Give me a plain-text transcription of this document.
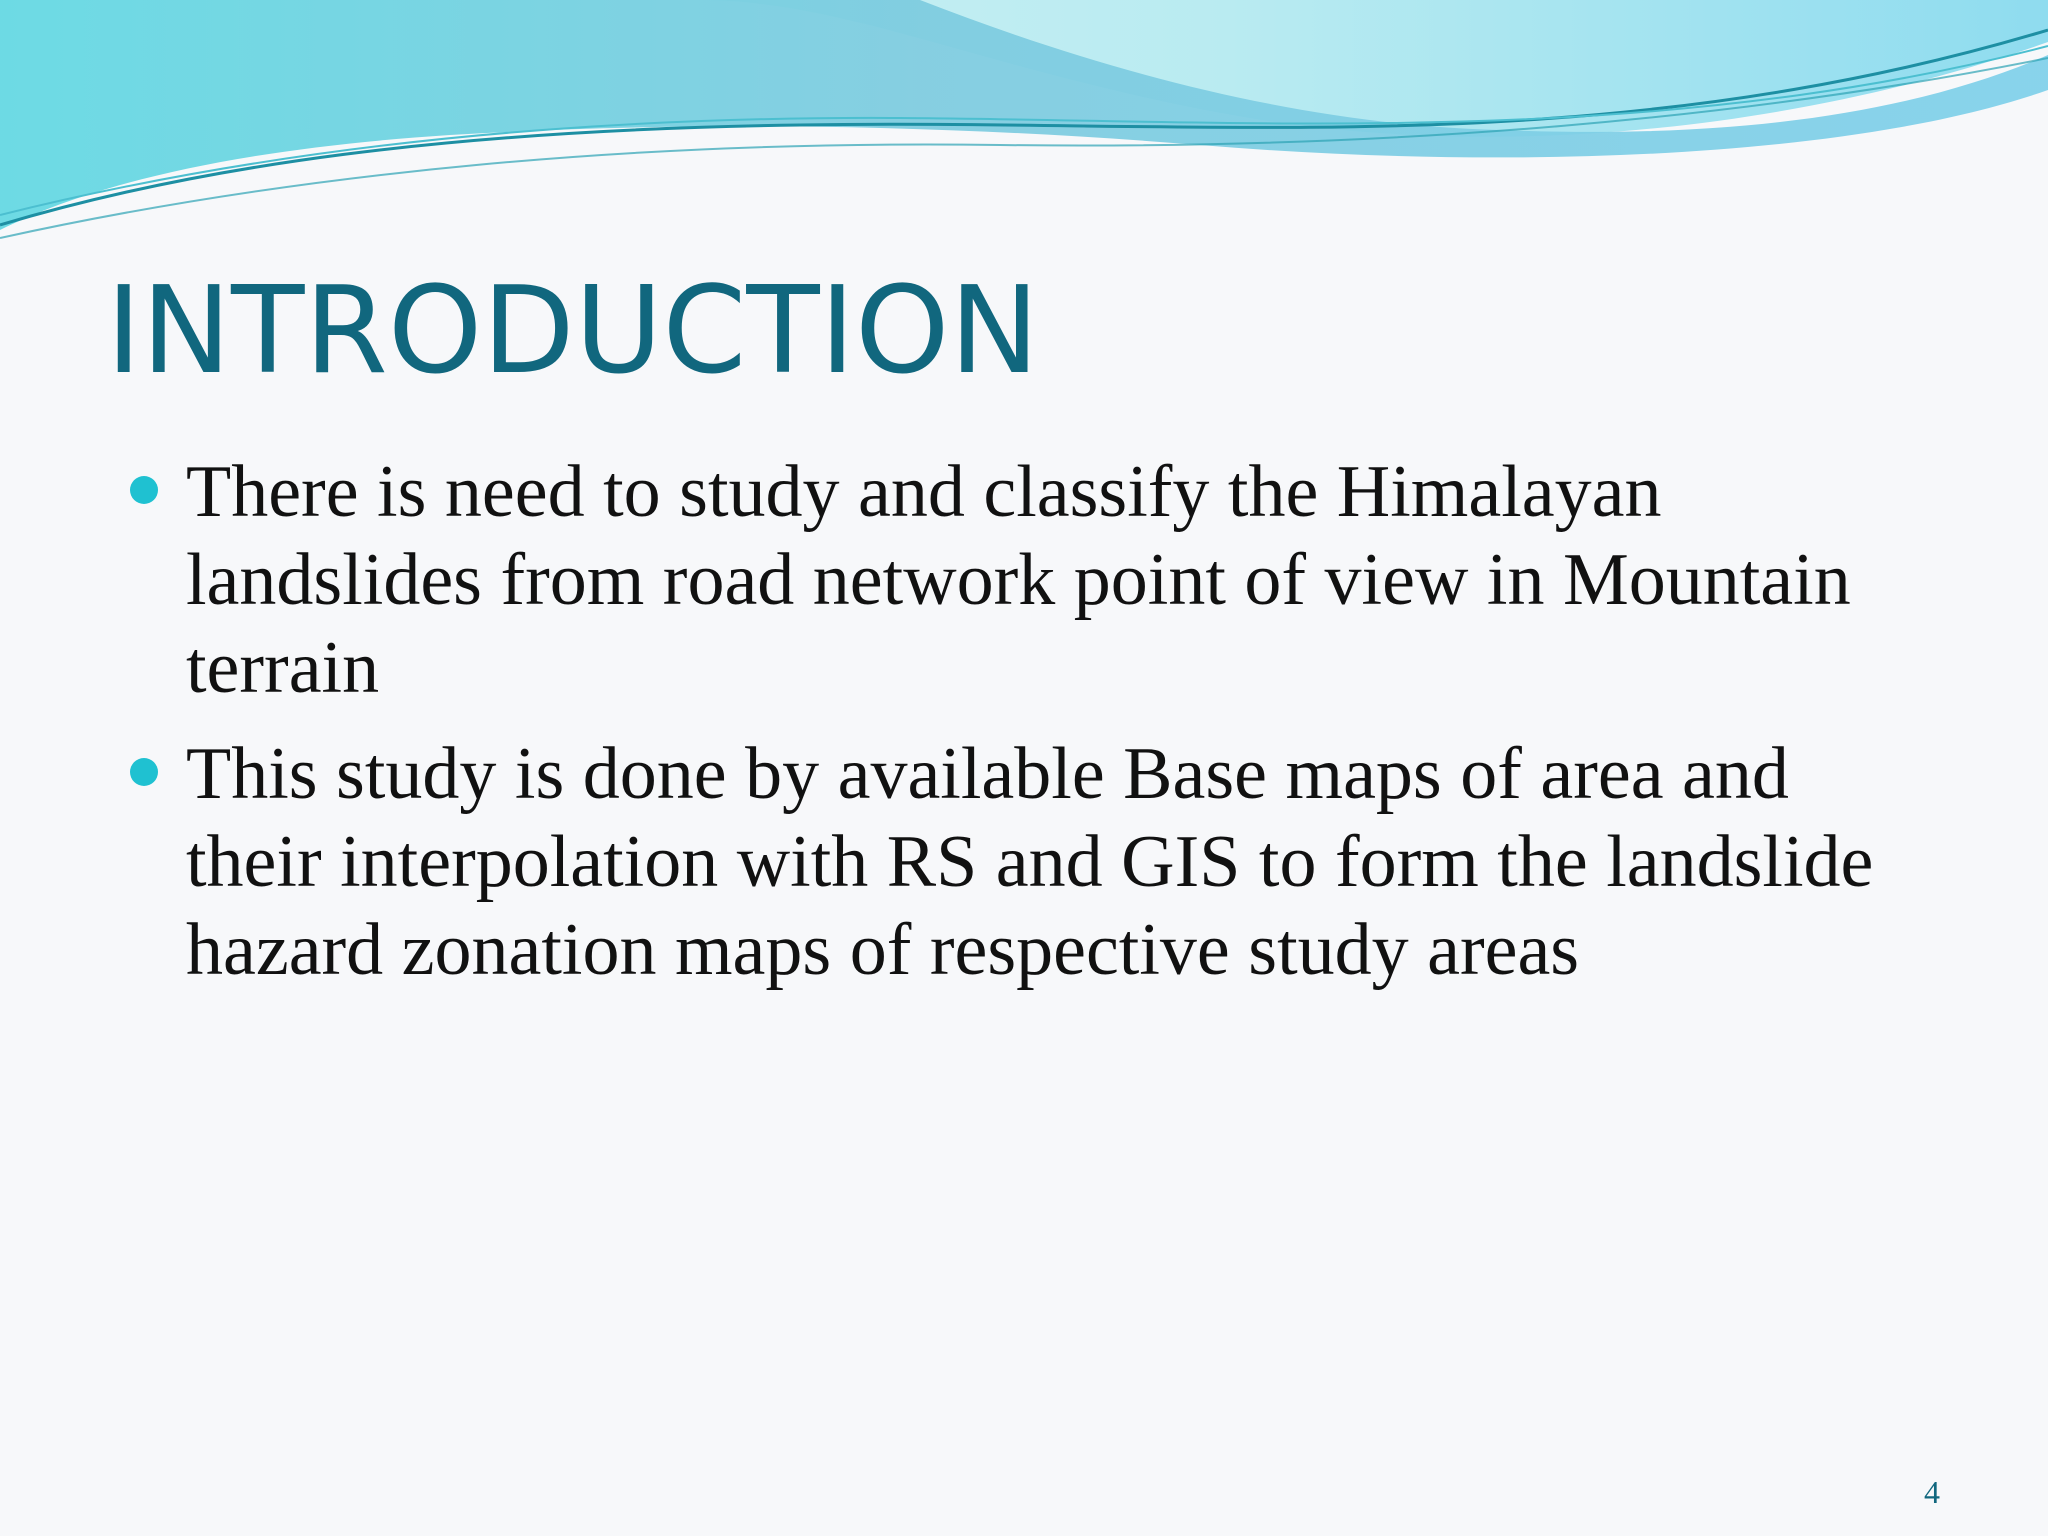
INTRODUCTION
There is need to study and classify the Himalayan landslides from road network point of view in Mountain terrain
This study is done by available Base maps of area and their interpolation with RS and GIS to form the landslide hazard zonation maps of respective study areas
4
